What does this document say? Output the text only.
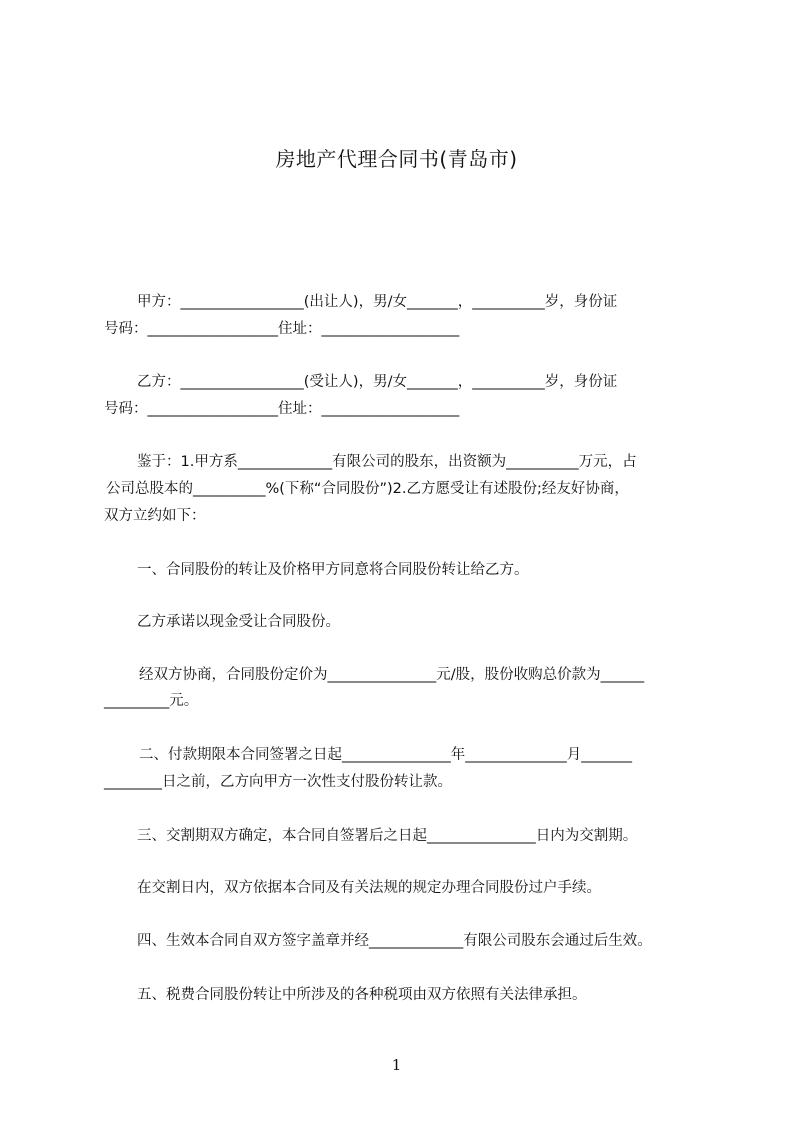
房地产代理合同书(青岛市)
甲方：_________________(出让人)，男/女_______，__________岁，身份证
号码：__________________住址：___________________
乙方：_________________(受让人)，男/女_______，__________岁，身份证
号码：__________________住址：___________________
鉴于：1.甲方系_____________有限公司的股东，出资额为__________万元，占
公司总股本的__________%(下称“合同股份”)2.乙方愿受让有述股份;经友好协商，
双方立约如下：
一、合同股份的转让及价格甲方同意将合同股份转让给乙方。
乙方承诺以现金受让合同股份。
经双方协商，合同股份定价为_______________元/股，股份收购总价款为______
_________元。
二、付款期限本合同签署之日起_______________年______________月_______
________日之前，乙方向甲方一次性支付股份转让款。
三、交割期双方确定，本合同自签署后之日起_______________日内为交割期。
在交割日内，双方依据本合同及有关法规的规定办理合同股份过户手续。
四、生效本合同自双方签字盖章并经_____________有限公司股东会通过后生效。
五、税费合同股份转让中所涉及的各种税项由双方依照有关法律承担。
1
